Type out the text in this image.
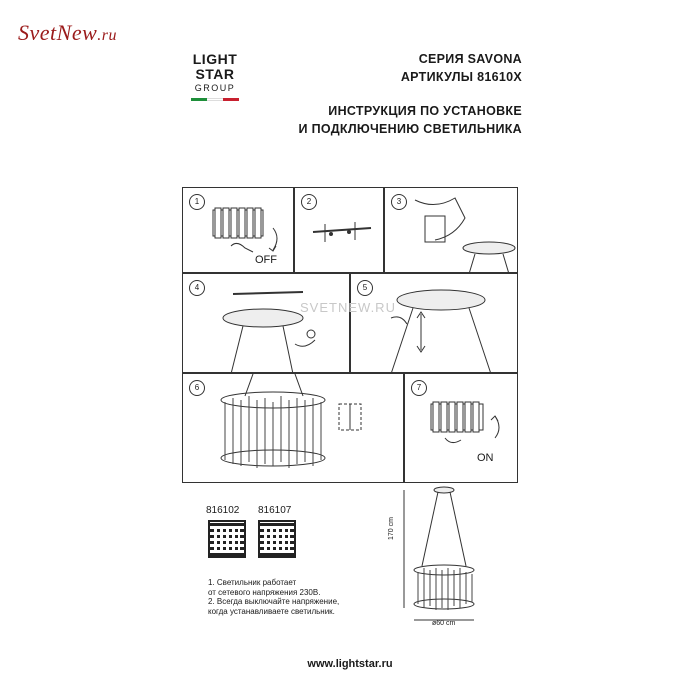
SvetNew.ru
LIGHT
STAR
GROUP
СЕРИЯ SAVONA
АРТИКУЛЫ 81610X
ИНСТРУКЦИЯ ПО УСТАНОВКЕ
И ПОДКЛЮЧЕНИЮ СВЕТИЛЬНИКА
1
OFF
2	3
4	5
6	7
ON
SVETNEW.RU
816102 816107
1. Светильник работает
от сетевого напряжения 230В.
2. Всегда выключайте напряжение,
когда устанавливаете светильник.
170 cm
ø60 cm
www.lightstar.ru
